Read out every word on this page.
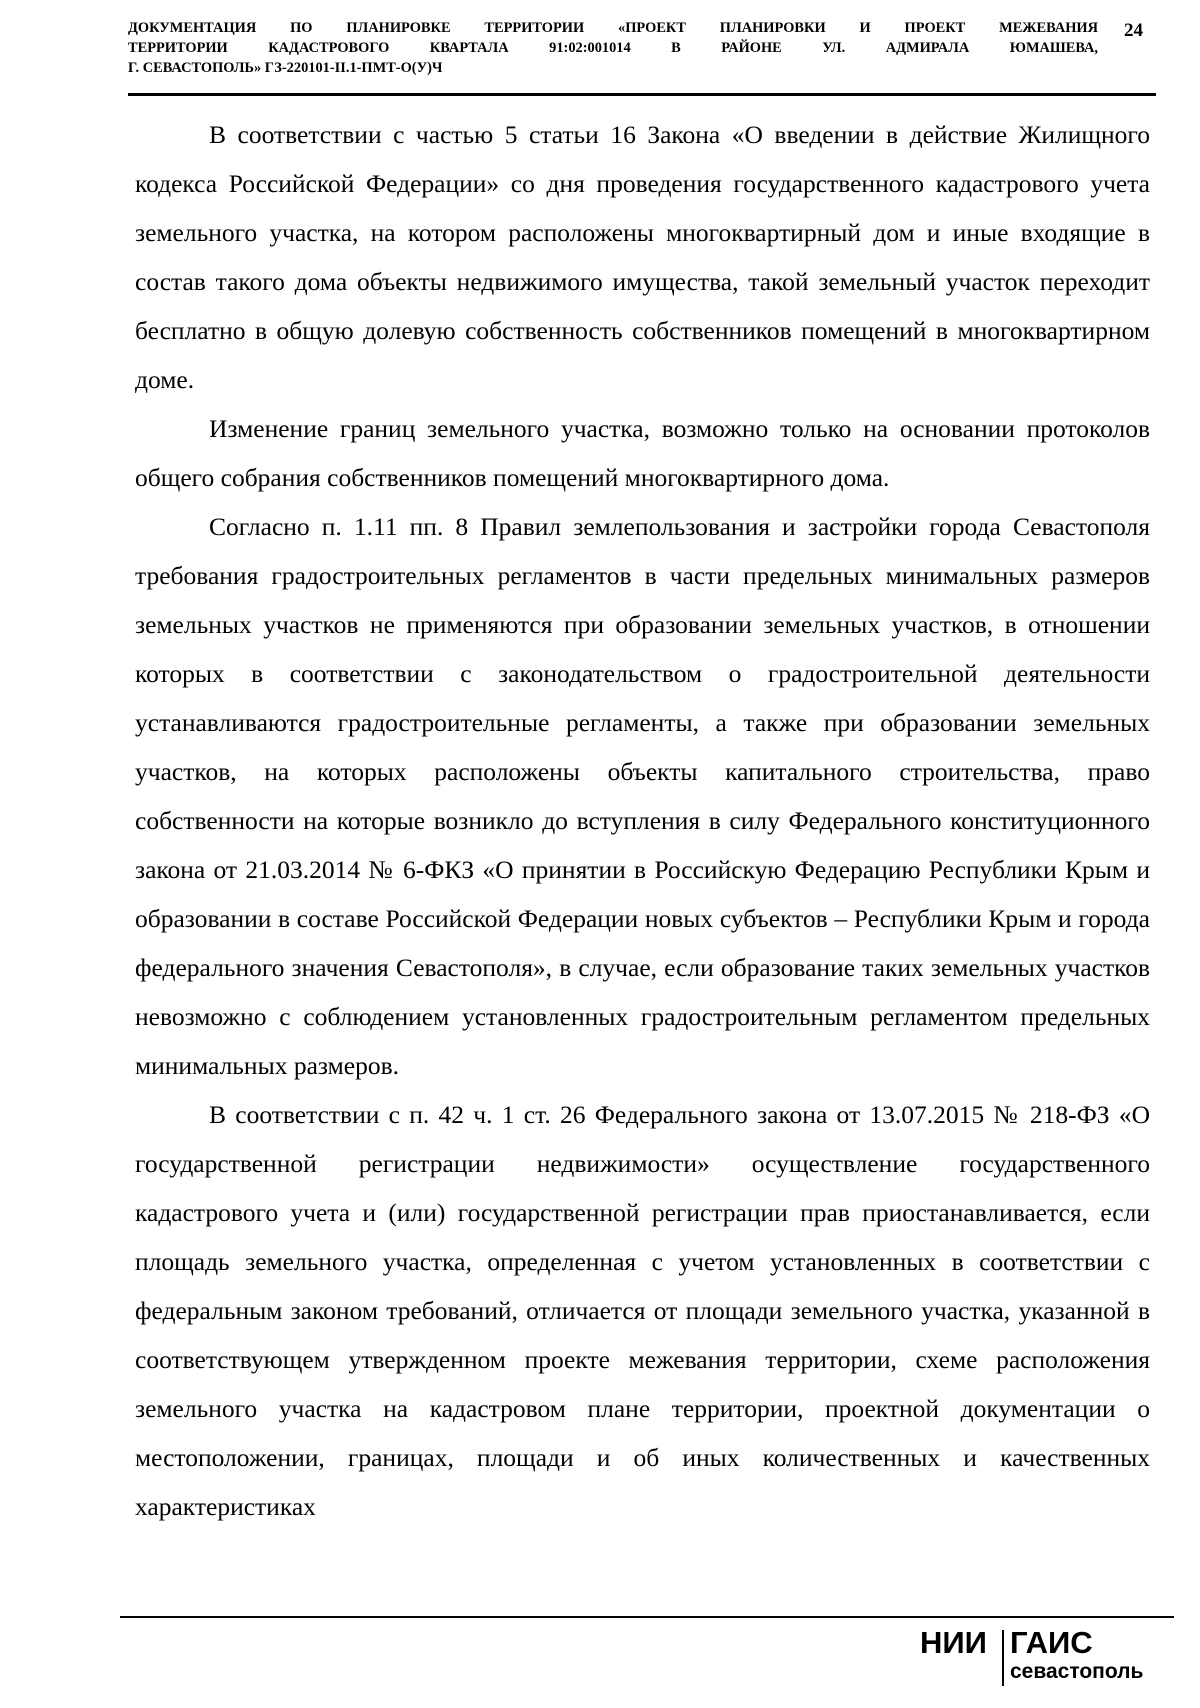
ДОКУМЕНТАЦИЯ ПО ПЛАНИРОВКЕ ТЕРРИТОРИИ «ПРОЕКТ ПЛАНИРОВКИ И ПРОЕКТ МЕЖЕВАНИЯ
ТЕРРИТОРИИ КАДАСТРОВОГО КВАРТАЛА 91:02:001014 В РАЙОНЕ УЛ. АДМИРАЛА ЮМАШЕВА,
Г. СЕВАСТОПОЛЬ» ГЗ-220101-II.1-ПМТ-О(У)Ч
24

В соответствии с частью 5 статьи 16 Закона «О введении в действие Жилищного кодекса Российской Федерации» со дня проведения государственного кадастрового учета земельного участка, на котором расположены многоквартирный дом и иные входящие в состав такого дома объекты недвижимого имущества, такой земельный участок переходит бесплатно в общую долевую собственность собственников помещений в многоквартирном доме.

Изменение границ земельного участка, возможно только на основании протоколов общего собрания собственников помещений многоквартирного дома.

Согласно п. 1.11 пп. 8 Правил землепользования и застройки города Севастополя требования градостроительных регламентов в части предельных минимальных размеров земельных участков не применяются при образовании земельных участков, в отношении которых в соответствии с законодательством о градостроительной деятельности устанавливаются градостроительные регламенты, а также при образовании земельных участков, на которых расположены объекты капитального строительства, право собственности на которые возникло до вступления в силу Федерального конституционного закона от 21.03.2014 № 6-ФКЗ «О принятии в Российскую Федерацию Республики Крым и образовании в составе Российской Федерации новых субъектов – Республики Крым и города федерального значения Севастополя», в случае, если образование таких земельных участков невозможно с соблюдением установленных градостроительным регламентом предельных минимальных размеров.

В соответствии с п. 42 ч. 1 ст. 26 Федерального закона от 13.07.2015 № 218-ФЗ «О государственной регистрации недвижимости» осуществление государственного кадастрового учета и (или) государственной регистрации прав приостанавливается, если площадь земельного участка, определенная с учетом установленных в соответствии с федеральным законом требований, отличается от площади земельного участка, указанной в соответствующем утвержденном проекте межевания территории, схеме расположения земельного участка на кадастровом плане территории, проектной документации о местоположении, границах, площади и об иных количественных и качественных характеристиках

НИИ ГАИС
севастополь
